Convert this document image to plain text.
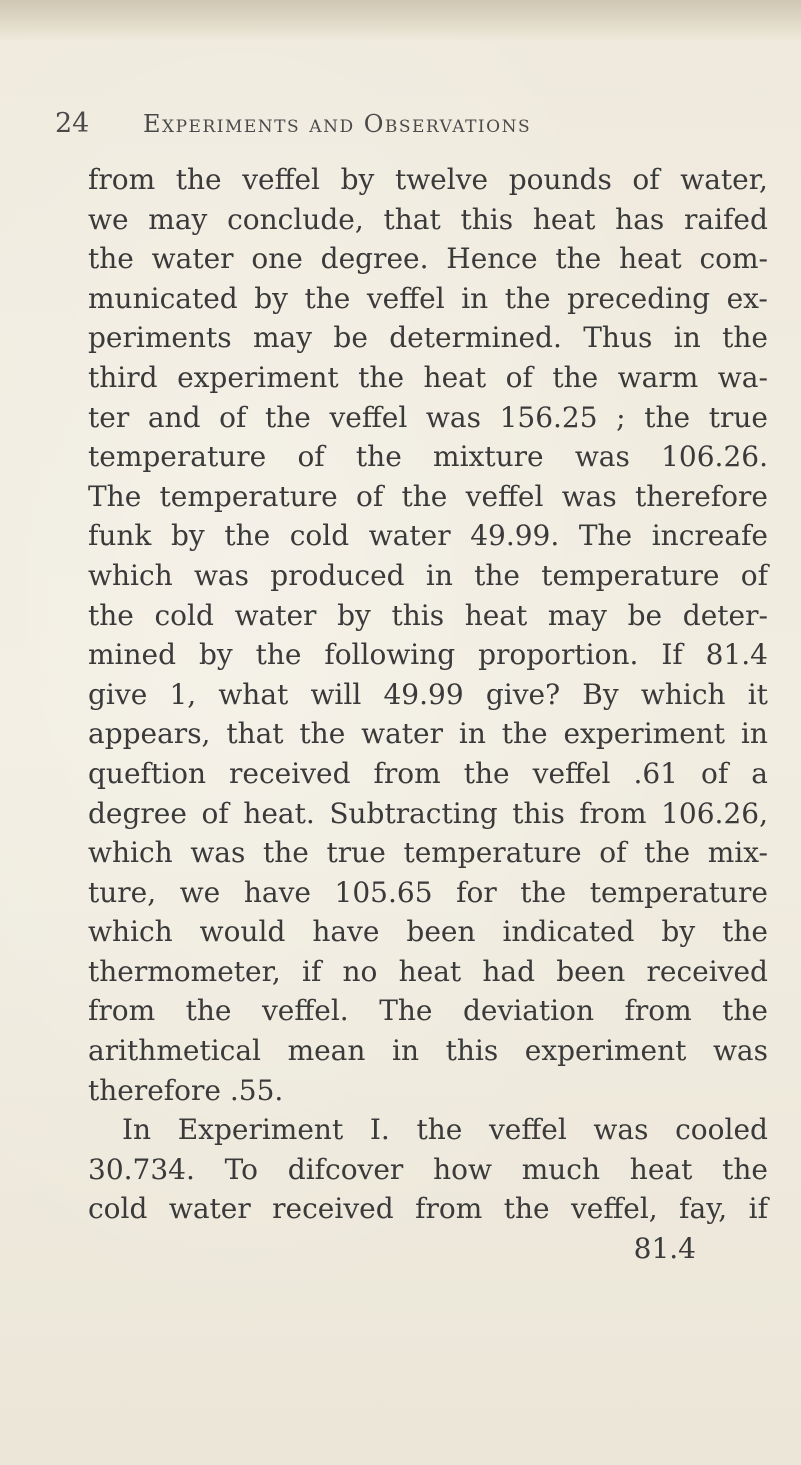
24 Experiments and Observations
from the veffel by twelve pounds of water,
we may conclude, that this heat has raifed
the water one degree. Hence the heat com-
municated by the veffel in the preceding ex-
periments may be determined. Thus in the
third experiment the heat of the warm wa-
ter and of the veffel was 156.25 ; the true
temperature of the mixture was 106.26.
The temperature of the veffel was therefore
funk by the cold water 49.99. The increafe
which was produced in the temperature of
the cold water by this heat may be deter-
mined by the following proportion. If 81.4
give 1, what will 49.99 give? By which it
appears, that the water in the experiment in
queftion received from the veffel .61 of a
degree of heat. Subtracting this from 106.26,
which was the true temperature of the mix-
ture, we have 105.65 for the temperature
which would have been indicated by the
thermometer, if no heat had been received
from the veffel. The deviation from the
arithmetical mean in this experiment was
therefore .55.
In Experiment I. the veffel was cooled
30.734. To difcover how much heat the
cold water received from the veffel, fay, if
81.4
